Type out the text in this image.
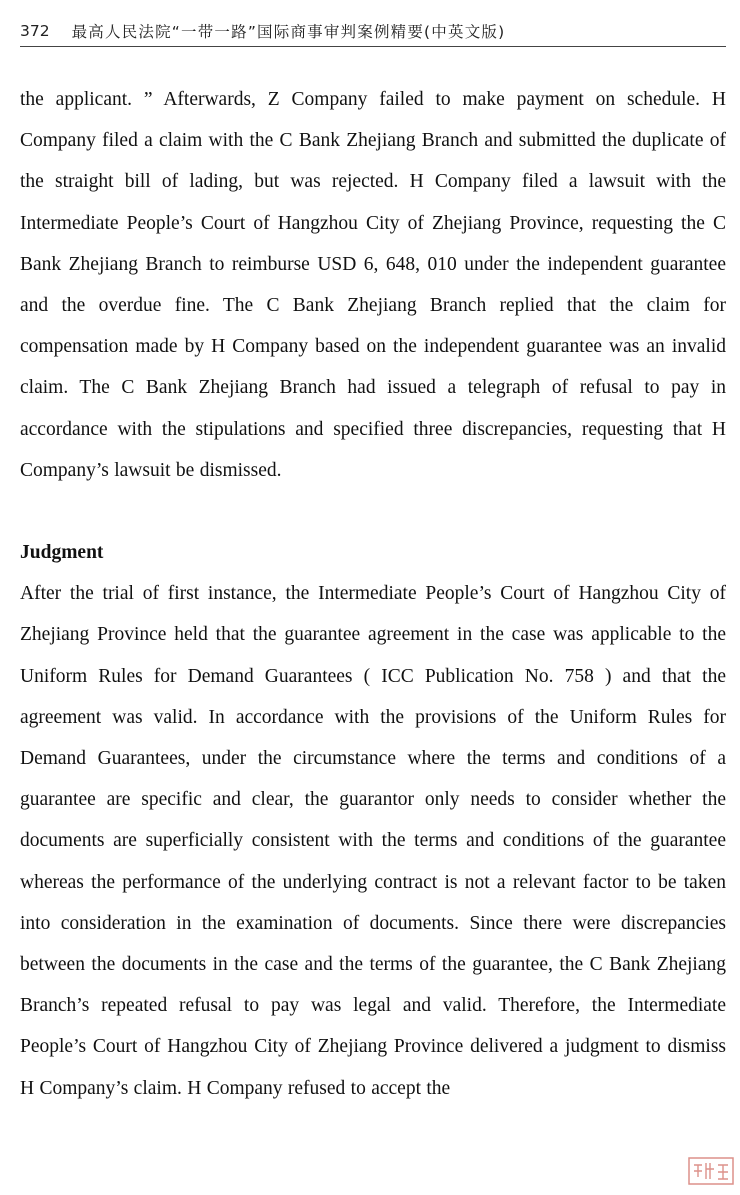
372 最高人民法院“一带一路”国际商事审判案例精要(中英文版)

the applicant. ” Afterwards, Z Company failed to make payment on schedule. H Company filed a claim with the C Bank Zhejiang Branch and submitted the duplicate of the straight bill of lading, but was rejected. H Company filed a lawsuit with the Intermediate People’s Court of Hangzhou City of Zhejiang Province, requesting the C Bank Zhejiang Branch to reimburse USD 6, 648, 010 under the independent guarantee and the overdue fine. The C Bank Zhejiang Branch replied that the claim for compensation made by H Company based on the independent guarantee was an invalid claim. The C Bank Zhejiang Branch had issued a telegraph of refusal to pay in accordance with the stipulations and specified three discrepancies, requesting that H Company’s lawsuit be dismissed.

Judgment

After the trial of first instance, the Intermediate People’s Court of Hangzhou City of Zhejiang Province held that the guarantee agreement in the case was applicable to the Uniform Rules for Demand Guarantees ( ICC Publication No. 758 ) and that the agreement was valid. In accordance with the provisions of the Uniform Rules for Demand Guarantees, under the circumstance where the terms and conditions of a guarantee are specific and clear, the guarantor only needs to consider whether the documents are superficially consistent with the terms and conditions of the guarantee whereas the performance of the underlying contract is not a relevant factor to be taken into consideration in the examination of documents. Since there were discrepancies between the documents in the case and the terms of the guarantee, the C Bank Zhejiang Branch’s repeated refusal to pay was legal and valid. Therefore, the Intermediate People’s Court of Hangzhou City of Zhejiang Province delivered a judgment to dismiss H Company’s claim. H Company refused to accept the
